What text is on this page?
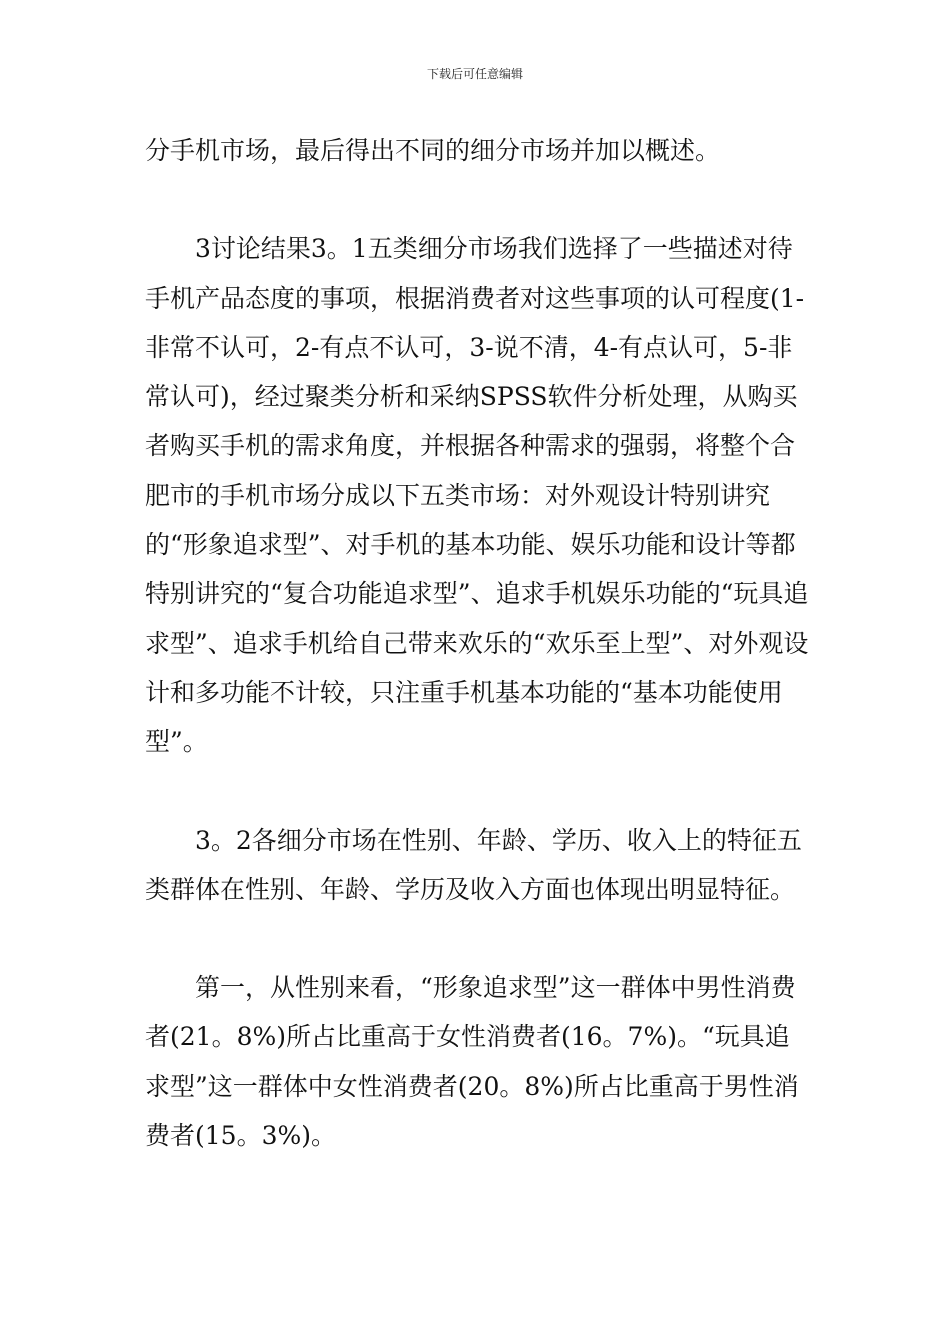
下载后可任意编辑

分手机市场，最后得出不同的细分市场并加以概述。

3讨论结果3。1五类细分市场我们选择了一些描述对待手机产品态度的事项，根据消费者对这些事项的认可程度(1-非常不认可，2-有点不认可，3-说不清，4-有点认可，5-非常认可)，经过聚类分析和采纳SPSS软件分析处理，从购买者购买手机的需求角度，并根据各种需求的强弱，将整个合肥市的手机市场分成以下五类市场：对外观设计特别讲究的“形象追求型”、对手机的基本功能、娱乐功能和设计等都特别讲究的“复合功能追求型”、追求手机娱乐功能的“玩具追求型”、追求手机给自己带来欢乐的“欢乐至上型”、对外观设计和多功能不计较，只注重手机基本功能的“基本功能使用型”。

3。2各细分市场在性别、年龄、学历、收入上的特征五类群体在性别、年龄、学历及收入方面也体现出明显特征。

第一，从性别来看，“形象追求型”这一群体中男性消费者(21。8%)所占比重高于女性消费者(16。7%)。“玩具追求型”这一群体中女性消费者(20。8%)所占比重高于男性消费者(15。3%)。
